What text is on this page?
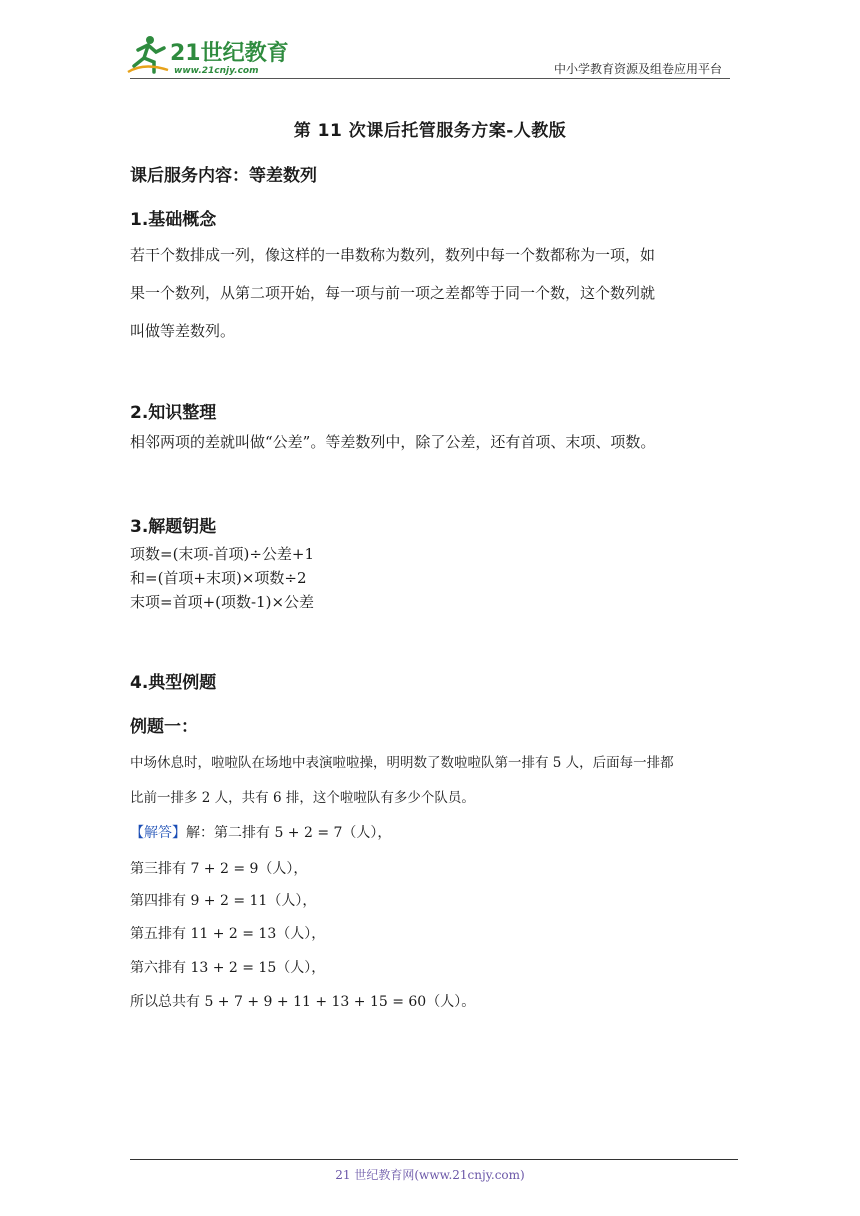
21世纪教育
www.21cnjy.com	中小学教育资源及组卷应用平台
第 11 次课后托管服务方案-人教版
课后服务内容：等差数列
1.基础概念
若干个数排成一列，像这样的一串数称为数列，数列中每一个数都称为一项，如
果一个数列，从第二项开始，每一项与前一项之差都等于同一个数，这个数列就
叫做等差数列。
2.知识整理
相邻两项的差就叫做“公差”。等差数列中，除了公差，还有首项、末项、项数。
3.解题钥匙
项数=(末项-首项)÷公差+1
和=(首项+末项)×项数÷2
末项=首项+(项数-1)×公差
4.典型例题
例题一：
中场休息时，啦啦队在场地中表演啦啦操，明明数了数啦啦队第一排有 5 人，后面每一排都
比前一排多 2 人，共有 6 排，这个啦啦队有多少个队员。
【解答】解：第二排有 5 + 2 = 7（人），
第三排有 7 + 2 = 9（人），
第四排有 9 + 2 = 11（人），
第五排有 11 + 2 = 13（人），
第六排有 13 + 2 = 15（人），
所以总共有 5 + 7 + 9 + 11 + 13 + 15 = 60（人）。
21 世纪教育网(www.21cnjy.com)
